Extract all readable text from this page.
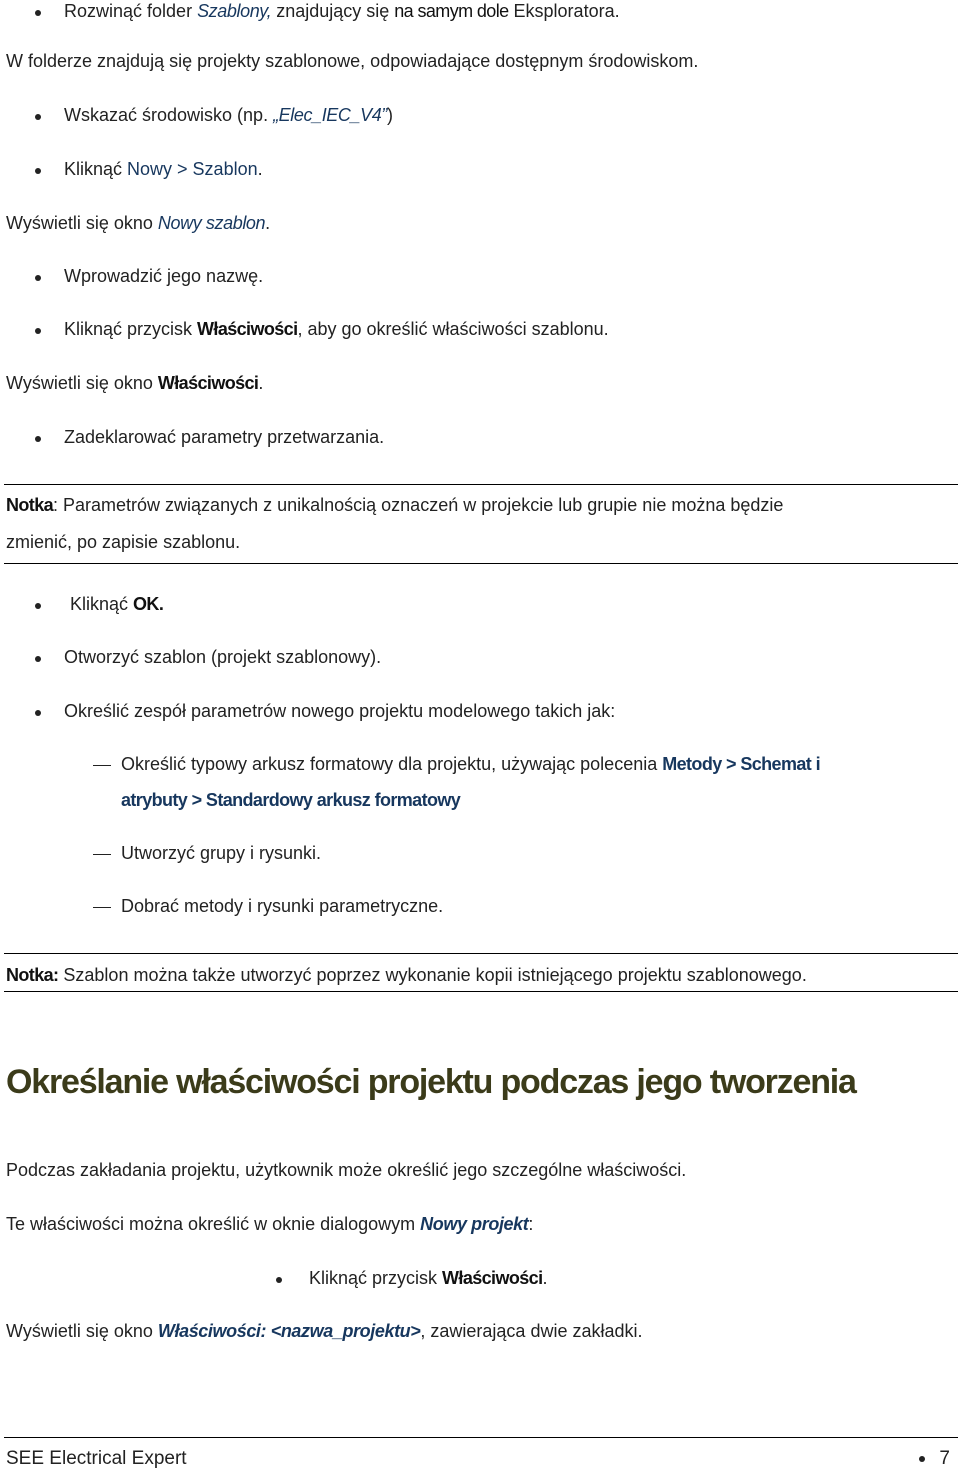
Rozwinąć folder Szablony, znajdujący się na samym dole Eksploratora.
W folderze znajdują się projekty szablonowe, odpowiadające dostępnym środowiskom.
Wskazać środowisko (np. „Elec_IEC_V4”)
Kliknąć Nowy > Szablon.
Wyświetli się okno Nowy szablon.
Wprowadzić jego nazwę.
Kliknąć przycisk Właściwości, aby go określić właściwości szablonu.
Wyświetli się okno Właściwości.
Zadeklarować parametry przetwarzania.
Notka: Parametrów związanych z unikalnością oznaczeń w projekcie lub grupie nie można będzie
zmienić, po zapisie szablonu.
Kliknąć OK.
Otworzyć szablon (projekt szablonowy).
Określić zespół parametrów nowego projektu modelowego takich jak:
Określić typowy arkusz formatowy dla projektu, używając polecenia Metody > Schemat i
atrybuty > Standardowy arkusz formatowy
Utworzyć grupy i rysunki.
Dobrać metody i rysunki parametryczne.
Notka: Szablon można także utworzyć poprzez wykonanie kopii istniejącego projektu szablonowego.
Określanie właściwości projektu podczas jego tworzenia
Podczas zakładania projektu, użytkownik może określić jego szczególne właściwości.
Te właściwości można określić w oknie dialogowym Nowy projekt:
Kliknąć przycisk Właściwości.
Wyświetli się okno Właściwości: <nazwa_projektu>, zawierająca dwie zakładki.
SEE Electrical Expert	7
